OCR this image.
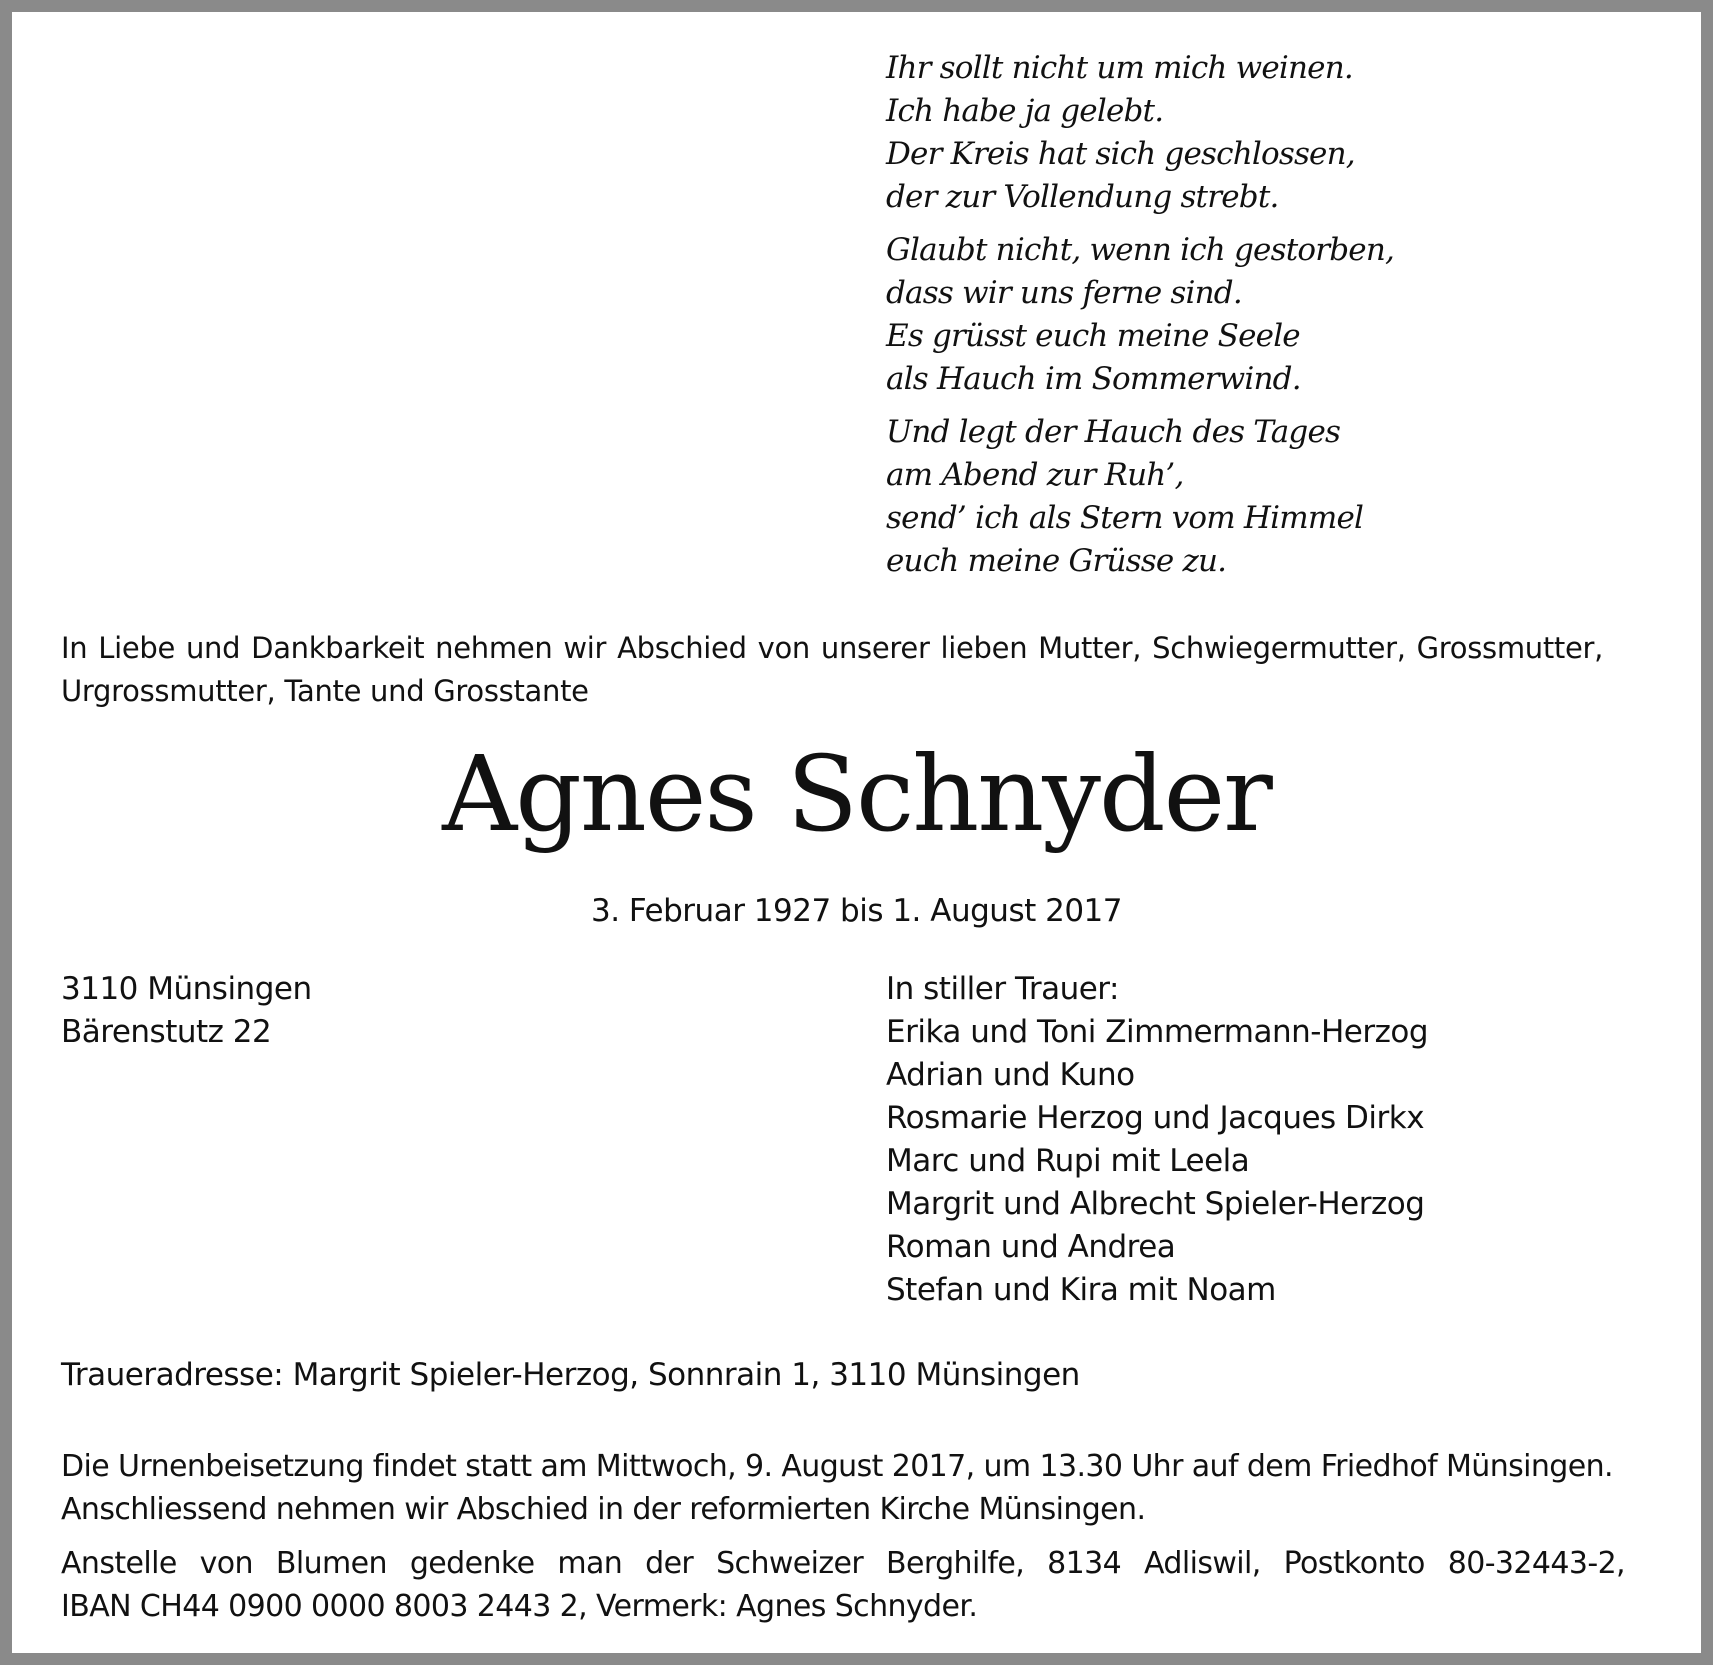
Ihr sollt nicht um mich weinen.
Ich habe ja gelebt.
Der Kreis hat sich geschlossen,
der zur Vollendung strebt.
Glaubt nicht, wenn ich gestorben,
dass wir uns ferne sind.
Es grüsst euch meine Seele
als Hauch im Sommerwind.
Und legt der Hauch des Tages
am Abend zur Ruh’,
send’ ich als Stern vom Himmel
euch meine Grüsse zu.
In Liebe und Dankbarkeit nehmen wir Abschied von unserer lieben Mutter, Schwiegermutter, Grossmutter,
Urgrossmutter, Tante und Grosstante
Agnes Schnyder
3. Februar 1927 bis 1. August 2017
3110 Münsingen
Bärenstutz 22
In stiller Trauer:
Erika und Toni Zimmermann-Herzog
Adrian und Kuno
Rosmarie Herzog und Jacques Dirkx
Marc und Rupi mit Leela
Margrit und Albrecht Spieler-Herzog
Roman und Andrea
Stefan und Kira mit Noam
Traueradresse: Margrit Spieler-Herzog, Sonnrain 1, 3110 Münsingen
Die Urnenbeisetzung findet statt am Mittwoch, 9. August 2017, um 13.30 Uhr auf dem Friedhof Münsingen.
Anschliessend nehmen wir Abschied in der reformierten Kirche Münsingen.
Anstelle von Blumen gedenke man der Schweizer Berghilfe, 8134 Adliswil, Postkonto 80-32443-2,
IBAN CH44 0900 0000 8003 2443 2, Vermerk: Agnes Schnyder.
